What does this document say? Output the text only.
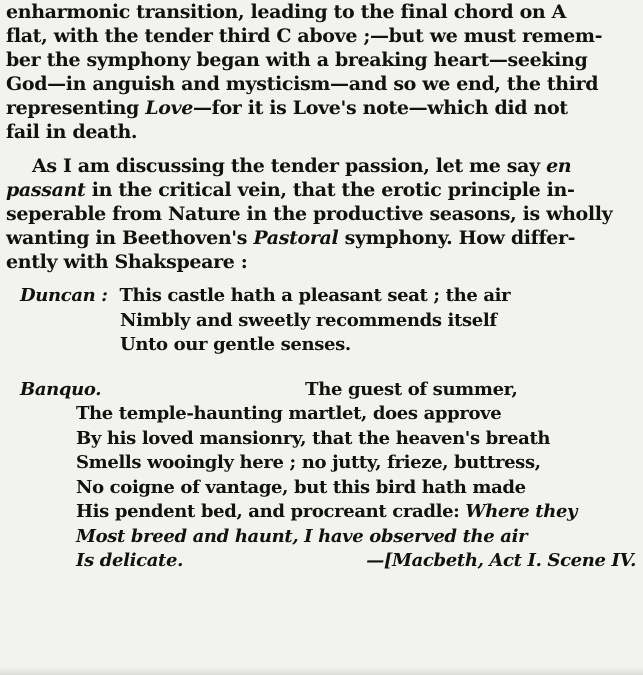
enharmonic transition, leading to the final chord on A
flat, with the tender third C above ;—but we must remem-
ber the symphony began with a breaking heart—seeking
God—in anguish and mysticism—and so we end, the third
representing Love—for it is Love's note—which did not
fail in death.
As I am discussing the tender passion, let me say en
passant in the critical vein, that the erotic principle in-
seperable from Nature in the productive seasons, is wholly
wanting in Beethoven's Pastoral symphony. How differ-
ently with Shakspeare :
Duncan : This castle hath a pleasant seat ; the air
Nimbly and sweetly recommends itself
Unto our gentle senses.
Banquo.	The guest of summer,
The temple-haunting martlet, does approve
By his loved mansionry, that the heaven's breath
Smells wooingly here ; no jutty, frieze, buttress,
No coigne of vantage, but this bird hath made
His pendent bed, and procreant cradle: Where they
Most breed and haunt, I have observed the air
Is delicate.	—[Macbeth, Act I. Scene IV.
